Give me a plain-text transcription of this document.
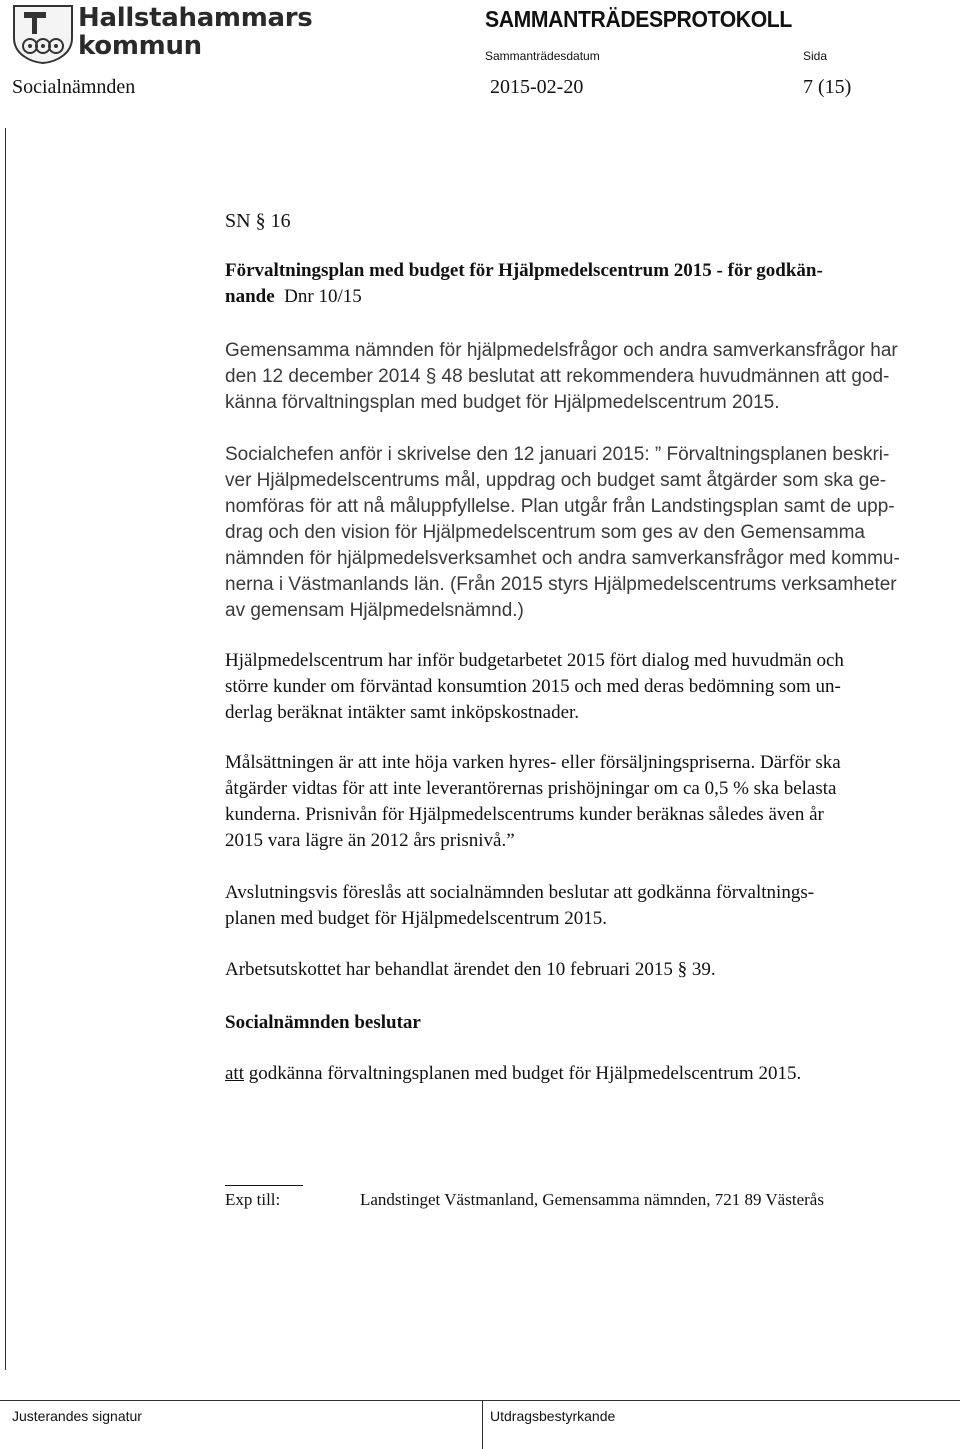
Hallstahammars
kommun
SAMMANTRÄDESPROTOKOLL
Sammanträdesdatum	Sida
Socialnämnden	2015-02-20	7 (15)
SN § 16
Förvaltningsplan med budget för Hjälpmedelscentrum 2015 - för godkän-
nande Dnr 10/15
Gemensamma nämnden för hjälpmedelsfrågor och andra samverkansfrågor har
den 12 december 2014 § 48 beslutat att rekommendera huvudmännen att god-
känna förvaltningsplan med budget för Hjälpmedelscentrum 2015.
Socialchefen anför i skrivelse den 12 januari 2015: ” Förvaltningsplanen beskri-
ver Hjälpmedelscentrums mål, uppdrag och budget samt åtgärder som ska ge-
nomföras för att nå måluppfyllelse. Plan utgår från Landstingsplan samt de upp-
drag och den vision för Hjälpmedelscentrum som ges av den Gemensamma
nämnden för hjälpmedelsverksamhet och andra samverkansfrågor med kommu-
nerna i Västmanlands län. (Från 2015 styrs Hjälpmedelscentrums verksamheter
av gemensam Hjälpmedelsnämnd.)
Hjälpmedelscentrum har inför budgetarbetet 2015 fört dialog med huvudmän och
större kunder om förväntad konsumtion 2015 och med deras bedömning som un-
derlag beräknat intäkter samt inköpskostnader.
Målsättningen är att inte höja varken hyres- eller försäljningspriserna. Därför ska
åtgärder vidtas för att inte leverantörernas prishöjningar om ca 0,5 % ska belasta
kunderna. Prisnivån för Hjälpmedelscentrums kunder beräknas således även år
2015 vara lägre än 2012 års prisnivå.”
Avslutningsvis föreslås att socialnämnden beslutar att godkänna förvaltnings-
planen med budget för Hjälpmedelscentrum 2015.
Arbetsutskottet har behandlat ärendet den 10 februari 2015 § 39.
Socialnämnden beslutar
att godkänna förvaltningsplanen med budget för Hjälpmedelscentrum 2015.
Exp till:	Landstinget Västmanland, Gemensamma nämnden, 721 89 Västerås
Justerandes signatur	Utdragsbestyrkande
